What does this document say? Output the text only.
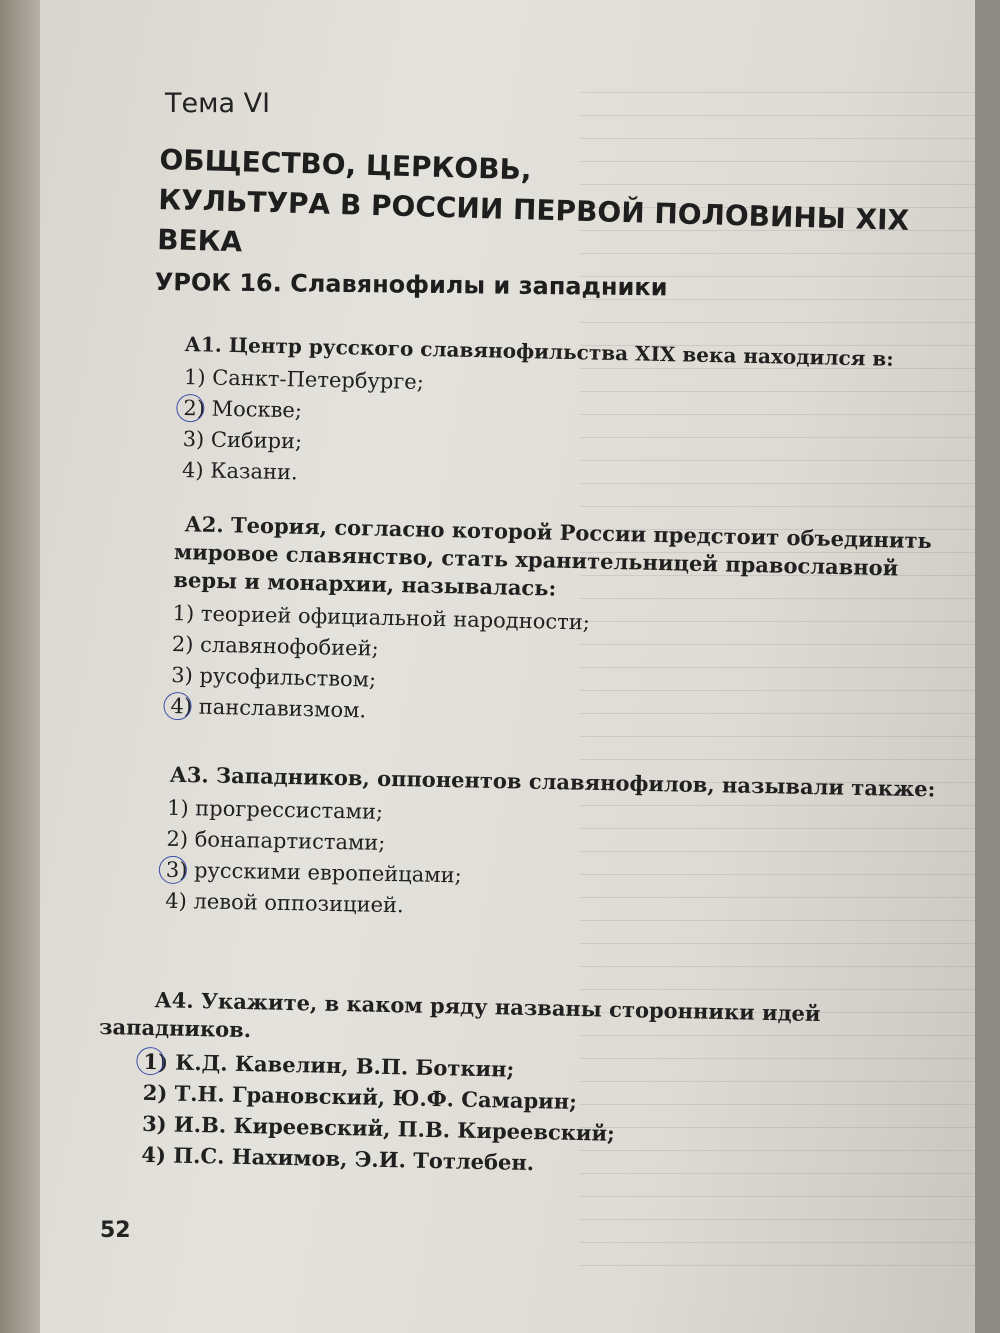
Тема VI

ОБЩЕСТВО, ЦЕРКОВЬ,
КУЛЬТУРА В РОССИИ ПЕРВОЙ ПОЛОВИНЫ XIX ВЕКА
УРОК 16. Славянофилы и западники

А1. Центр русского славянофильства XIX века находился в:

1) Санкт-Петербурге;
2) Москве;
3) Сибири;
4) Казани.

А2. Теория, согласно которой России предстоит объединить мировое славянство, стать хранительницей православной веры и монархии, называлась:

1) теорией официальной народности;
2) славянофобией;
3) русофильством;
4) панславизмом.

А3. Западников, оппонентов славянофилов, называли также:

1) прогрессистами;
2) бонапартистами;
3) русскими европейцами;
4) левой оппозицией.

А4. Укажите, в каком ряду названы сторонники идей западников.

1) К.Д. Кавелин, В.П. Боткин;
2) Т.Н. Грановский, Ю.Ф. Самарин;
3) И.В. Киреевский, П.В. Киреевский;
4) П.С. Нахимов, Э.И. Тотлебен.

52
